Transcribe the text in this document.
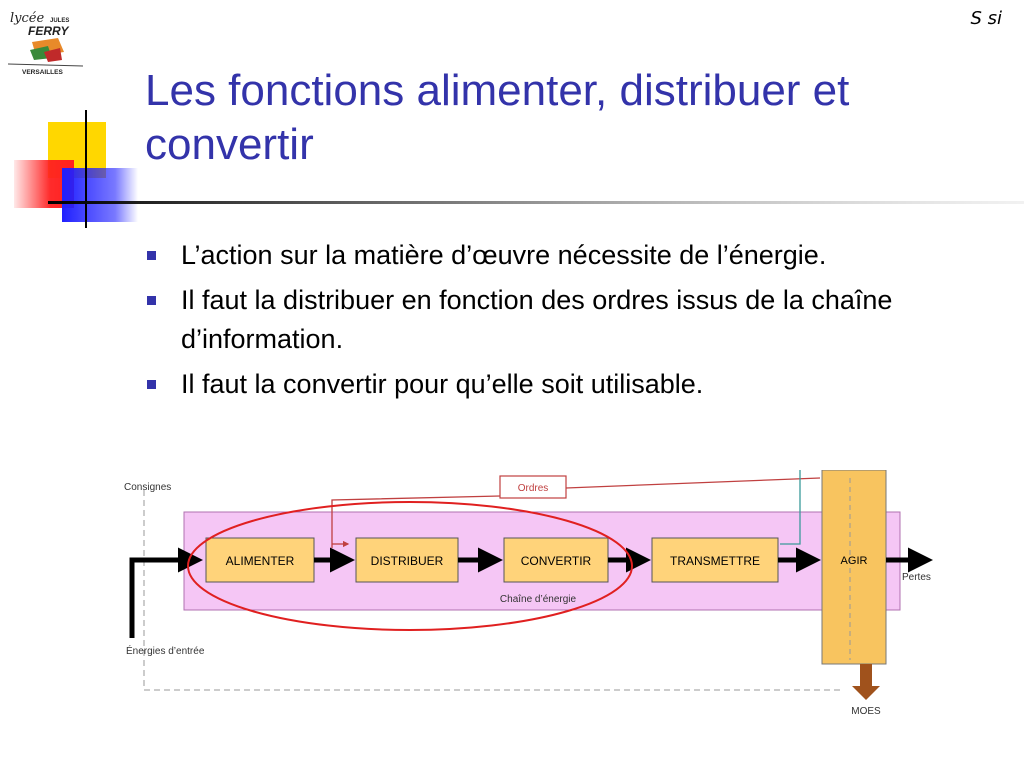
lycée JULES
FERRY
VERSAILLES
S si
Les fonctions alimenter, distribuer et convertir
L’action sur la matière d’œuvre nécessite de l’énergie.
Il faut la distribuer en fonction des ordres issus de la chaîne d’information.
Il faut la convertir pour qu’elle soit utilisable.
Consignes	Ordres
ALIMENTER	DISTRIBUER	CONVERTIR	TRANSMETTRE	AGIR
Pertes
Chaîne d’énergie
Énergies d’entrée
MOES
